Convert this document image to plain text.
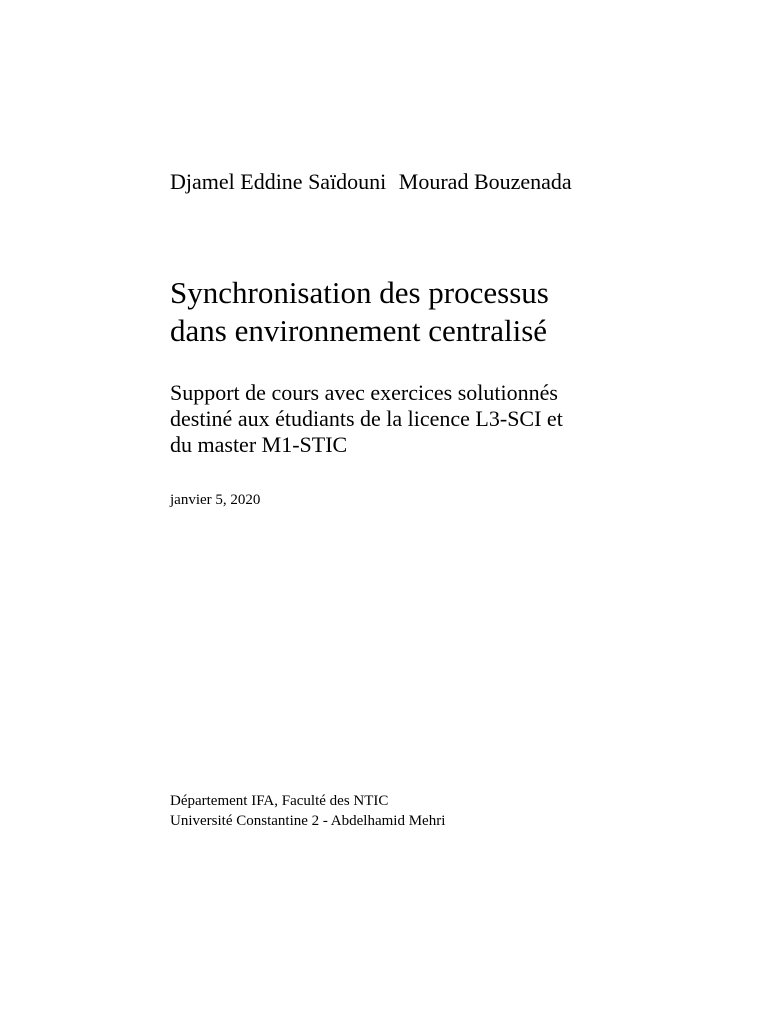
Djamel Eddine Saïdouni Mourad Bouzenada
Synchronisation des processus
dans environnement centralisé
Support de cours avec exercices solutionnés
destiné aux étudiants de la licence L3-SCI et
du master M1-STIC
janvier 5, 2020
Département IFA, Faculté des NTIC
Université Constantine 2 - Abdelhamid Mehri
